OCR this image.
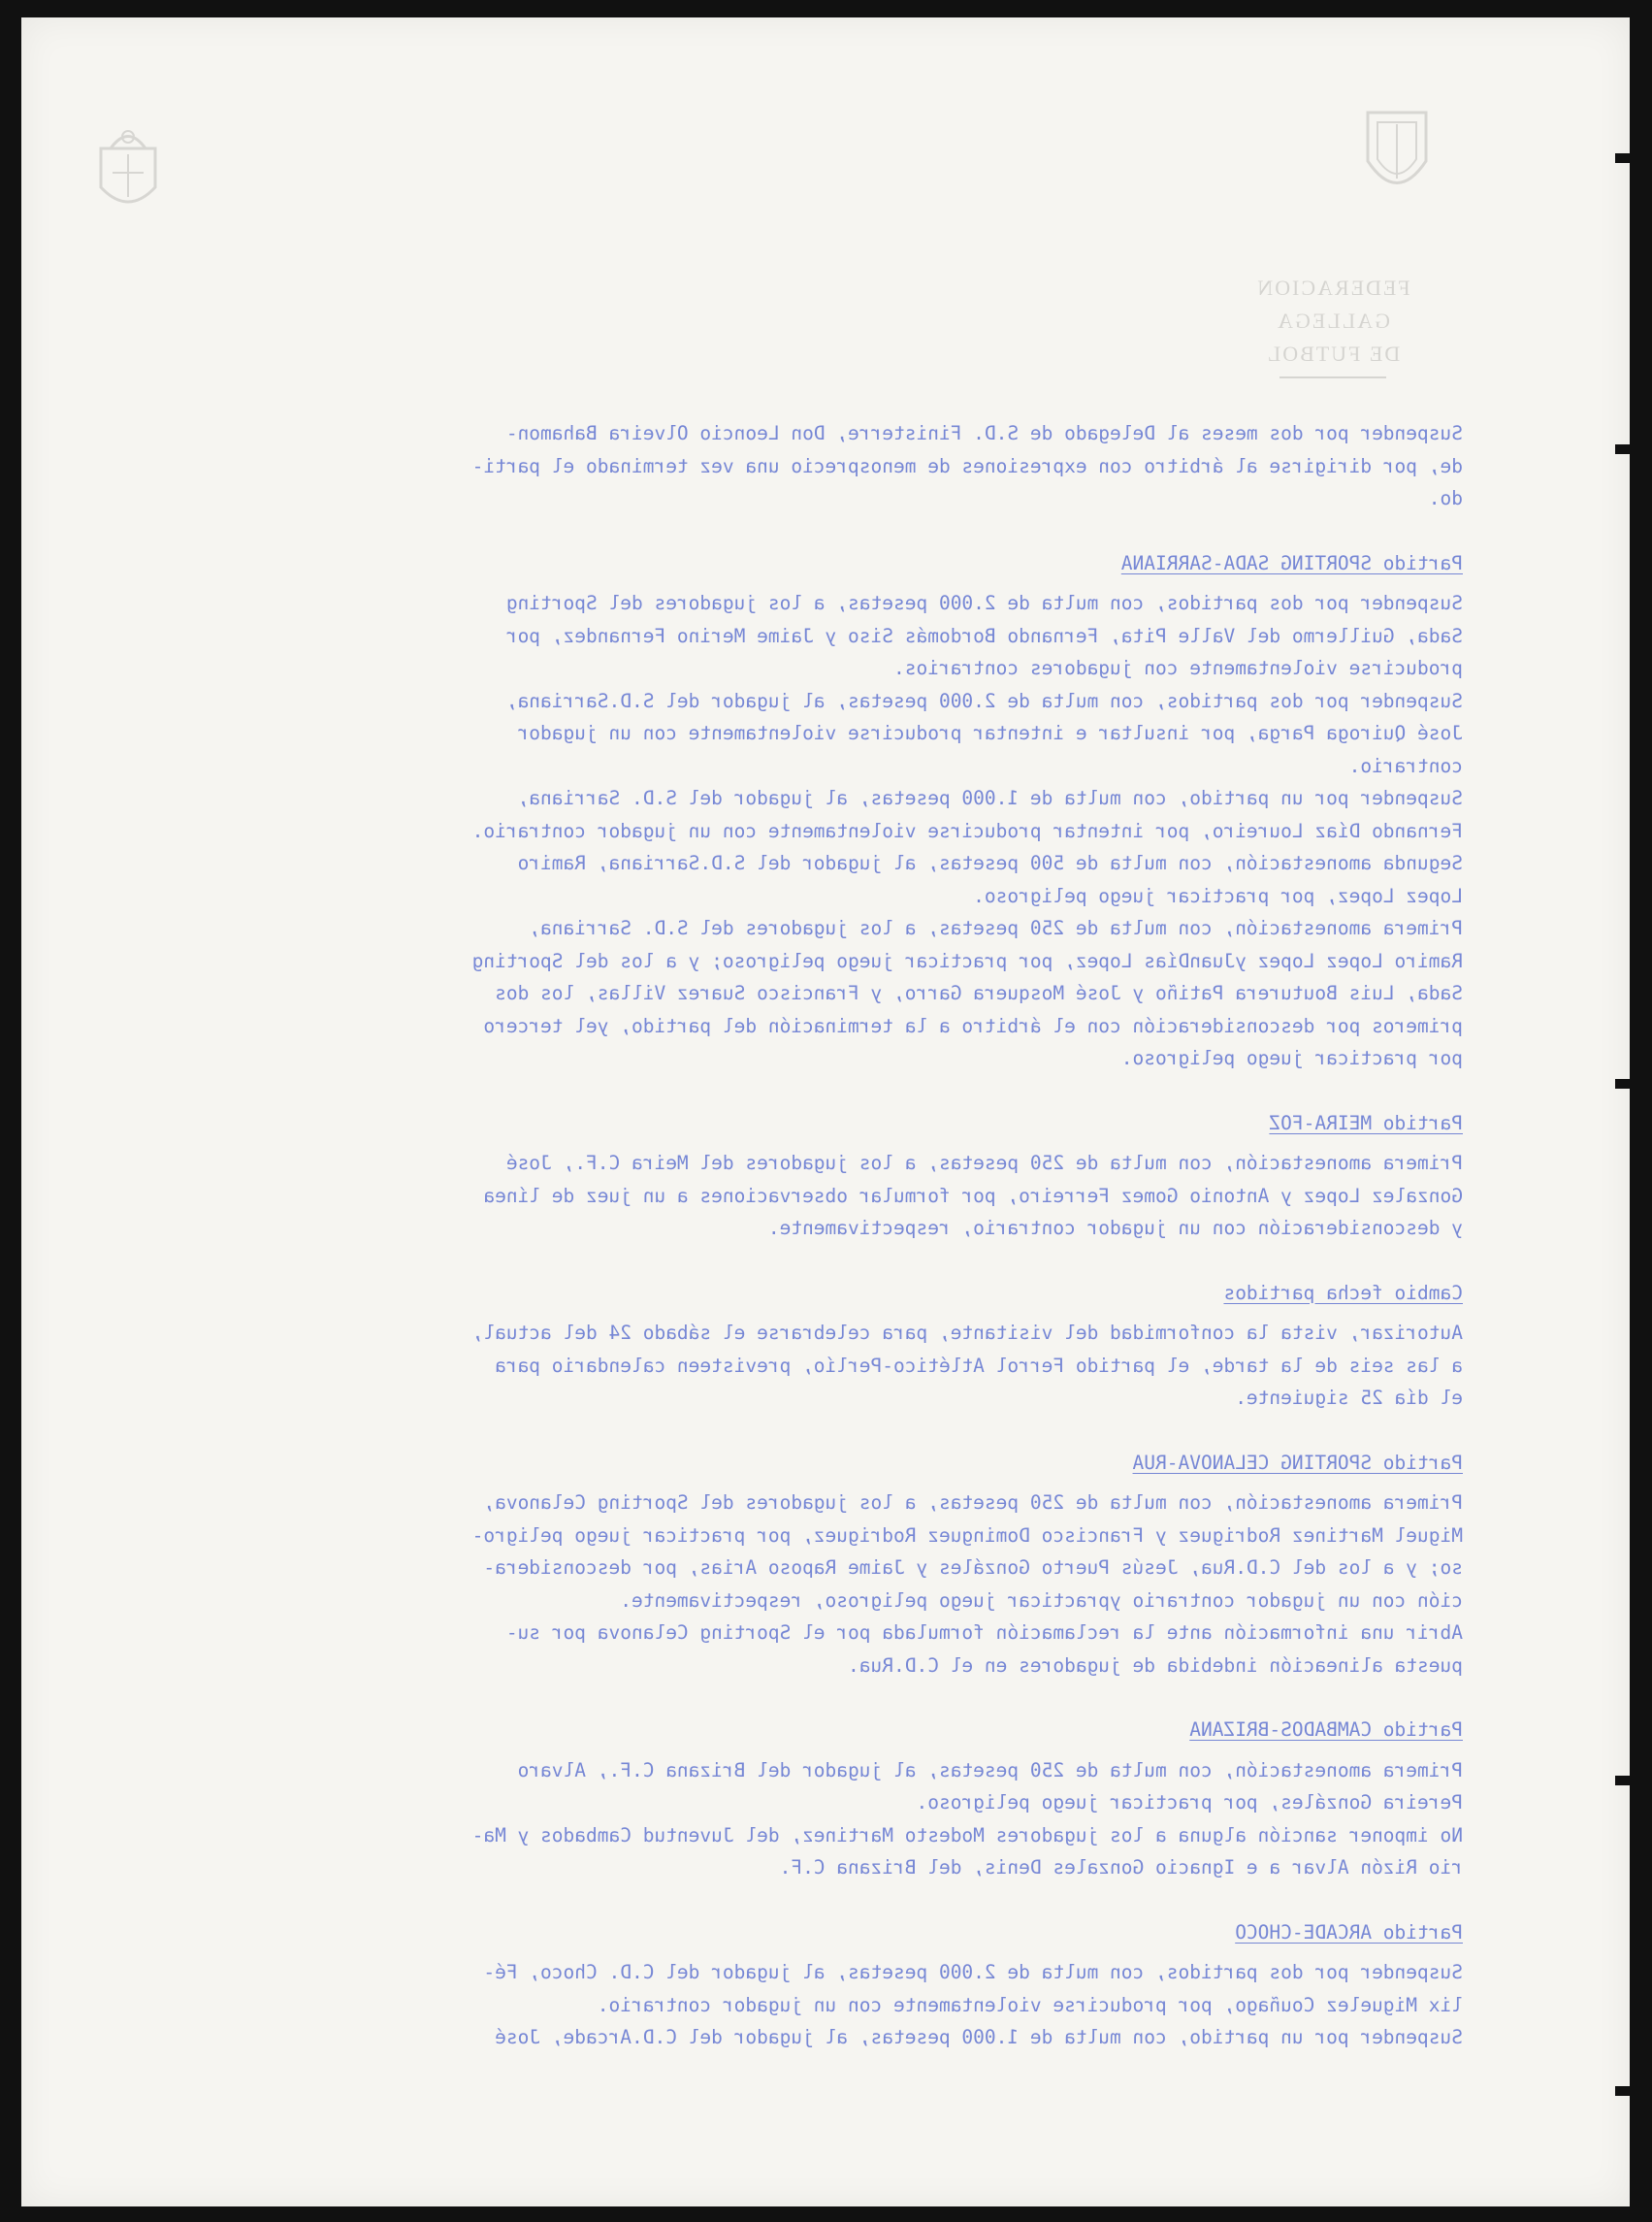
FEDERACION GALLEGA
DE FUTBOL
Suspender por dos meses al Delegado de S.D. Finisterre, Don Leoncio Olveira Bahamon-
de, por dirigirse al árbitro con expresiones de menosprecio una vez terminado el parti-
do.
Partido SPORTING SADA-SARRIANA
Suspender por dos partidos, con multa de 2.000 pesetas, a los jugadores del Sporting
Sada, Guillermo del Valle Pita, Fernando Bordomás Siso y Jaime Merino Fernandez, por
producirse violentamente con jugadores contrarios.
Suspender por dos partidos, con multa de 2.000 pesetas, al jugador del S.D.Sarriana,
José Quiroga Parga, por insultar e intentar producirse violentamente con un jugador
contrario.
Suspender por un partido, con multa de 1.000 pesetas, al jugador del S.D. Sarriana,
Fernando Díaz Loureiro, por intentar producirse violentamente con un jugador contrario.
Segunda amonestación, con multa de 500 pesetas, al jugador del S.D.Sarriana, Ramiro
Lopez Lopez, por practicar juego peligroso.
Primera amonestación, con multa de 250 pesetas, a los jugadores del S.D. Sarriana,
Ramiro Lopez Lopez yJuanDías Lopez, por practicar juego peligroso; y a los del Sporting
Sada, Luis Bouturera Patiño y José Mosquera Garro, y Francisco Suarez Villas, los dos
primeros por desconsideración con el árbitro a la terminación del partido, yel tercero
por practicar juego peligroso.
Partido MEIRA-FOZ
Primera amonestación, con multa de 250 pesetas, a los jugadores del Meira C.F., José
Gonzalez Lopez y Antonio Gomez Ferreiro, por formular observaciones a un juez de línea
y desconsideración con un jugador contrario, respectivamente.
Cambio fecha partidos
Autorizar, vista la conformidad del visitante, para celebrarse el sábado 24 del actual,
a las seis de la tarde, el partido Ferrol Atlético-Perlío, previsteen calendario para
el día 25 siguiente.
Partido SPORTING CELANOVA-RUA
Primera amonestación, con multa de 250 pesetas, a los jugadores del Sporting Celanova,
Miguel Martinez Rodriguez y Francisco Dominguez Rodriguez, por practicar juego peligro-
so; y a los del C.D.Rua, Jesús Puerto Gonzáles y Jaime Raposo Arias, por desconsidera-
ción con un jugador contrario ypracticar juego peligroso, respectivamente.
Abrir una información ante la reclamación formulada por el Sporting Celanova por su-
puesta alineación indebida de jugadores en el C.D.Rua.
Partido CAMBADOS-BRIZANA
Primera amonestación, con multa de 250 pesetas, al jugador del Brizana C.F., Alvaro
Pereira Gonzáles, por practicar juego peligroso.
No imponer sanción alguna a los jugadores Modesto Martinez, del Juventud Cambados y Ma-
rio Rizón Alvar a e Ignacio Gonzales Denis, del Brizana C.F.
Partido ARCADE-CHOCO
Suspender por dos partidos, con multa de 2.000 pesetas, al jugador del C.D. Choco, Fé-
lix Miguelez Couñago, por producirse violentamente con un jugador contrario.
Suspender por un partido, con multa de 1.000 pesetas, al jugador del C.D.Arcade, José
